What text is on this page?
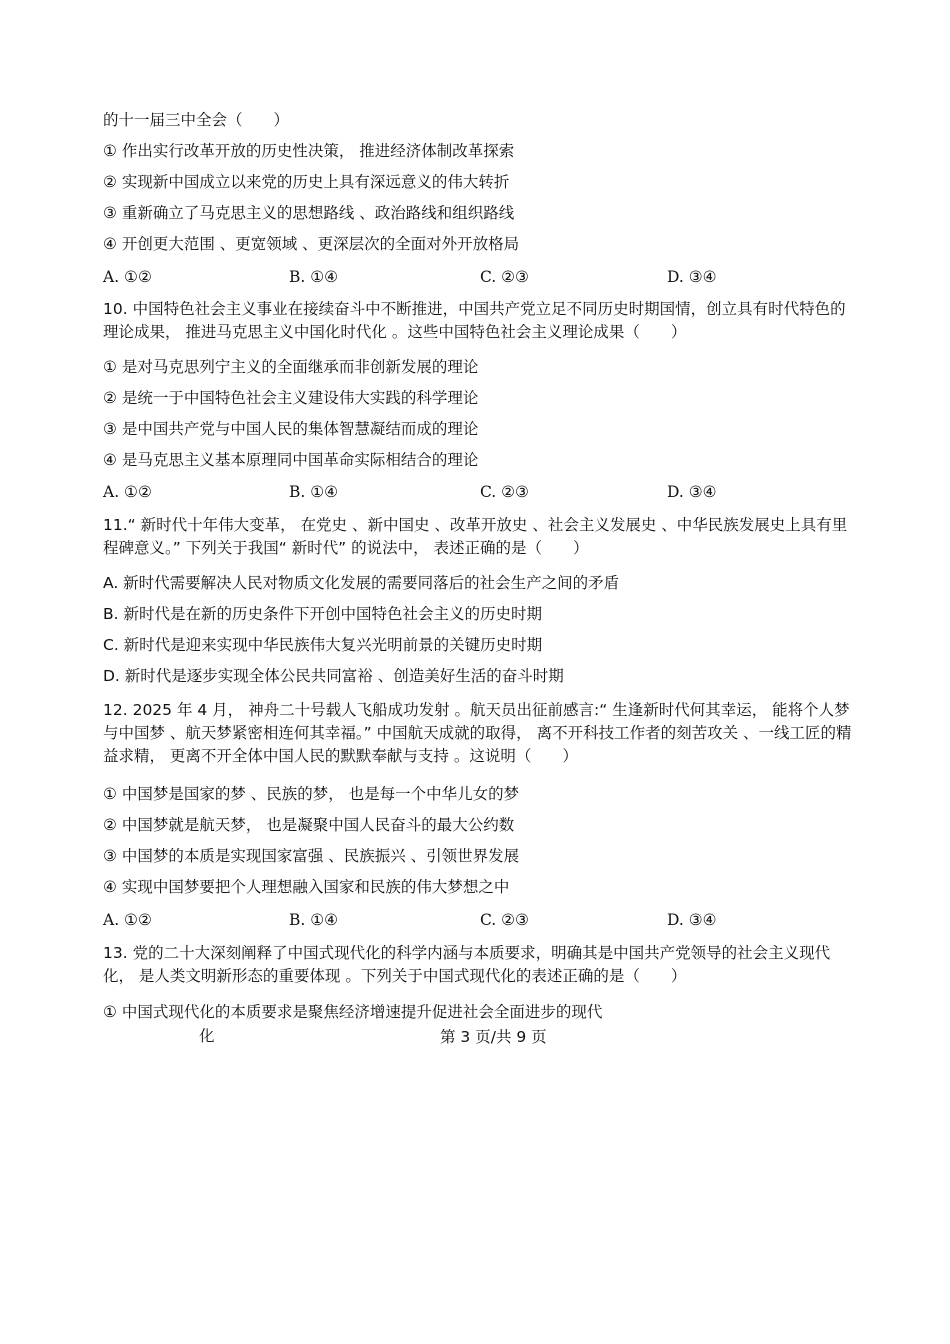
的十一届三中全会（　　）
① 作出实行改革开放的历史性决策， 推进经济体制改革探索
② 实现新中国成立以来党的历史上具有深远意义的伟大转折
③ 重新确立了马克思主义的思想路线 、政治路线和组织路线
④ 开创更大范围 、更宽领域 、更深层次的全面对外开放格局
A. ①②	B. ①④	C. ②③	D. ③④
10. 中国特色社会主义事业在接续奋斗中不断推进，中国共产党立足不同历史时期国情，创立具有时代特色的理论成果， 推进马克思主义中国化时代化 。这些中国特色社会主义理论成果（　　）
① 是对马克思列宁主义的全面继承而非创新发展的理论
② 是统一于中国特色社会主义建设伟大实践的科学理论
③ 是中国共产党与中国人民的集体智慧凝结而成的理论
④ 是马克思主义基本原理同中国革命实际相结合的理论
A. ①②	B. ①④	C. ②③	D. ③④
11.“ 新时代十年伟大变革， 在党史 、新中国史 、改革开放史 、社会主义发展史 、中华民族发展史上具有里程碑意义。” 下列关于我国“ 新时代” 的说法中， 表述正确的是（　　）
A. 新时代需要解决人民对物质文化发展的需要同落后的社会生产之间的矛盾
B. 新时代是在新的历史条件下开创中国特色社会主义的历史时期
C. 新时代是迎来实现中华民族伟大复兴光明前景的关键历史时期
D. 新时代是逐步实现全体公民共同富裕 、创造美好生活的奋斗时期
12. 2025 年 4 月， 神舟二十号载人飞船成功发射 。航天员出征前感言:“ 生逢新时代何其幸运， 能将个人梦与中国梦 、航天梦紧密相连何其幸福。” 中国航天成就的取得， 离不开科技工作者的刻苦攻关 、一线工匠的精益求精， 更离不开全体中国人民的默默奉献与支持 。这说明（　　）
① 中国梦是国家的梦 、民族的梦， 也是每一个中华儿女的梦
② 中国梦就是航天梦， 也是凝聚中国人民奋斗的最大公约数
③ 中国梦的本质是实现国家富强 、民族振兴 、引领世界发展
④ 实现中国梦要把个人理想融入国家和民族的伟大梦想之中
A. ①②	B. ①④	C. ②③	D. ③④
13. 党的二十大深刻阐释了中国式现代化的科学内涵与本质要求，明确其是中国共产党领导的社会主义现代化， 是人类文明新形态的重要体现 。下列关于中国式现代化的表述正确的是（　　）
① 中国式现代化的本质要求是聚焦经济增速提升促进社会全面进步的现代
化	第 3 页/共 9 页
